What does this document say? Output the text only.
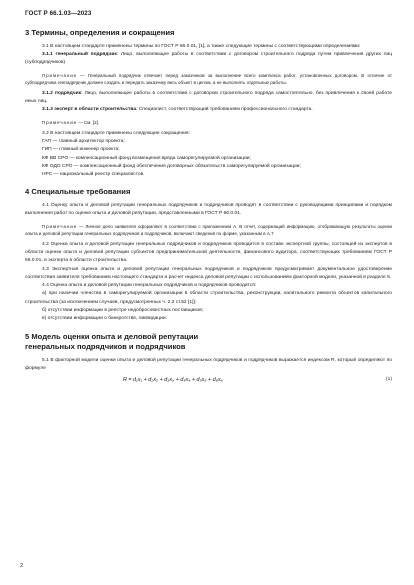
ГОСТ Р 66.1.03—2023
3 Термины, определения и сокращения

3.1 В настоящем стандарте применены термины по ГОСТ Р 66.0.01, [1], а также следующие термины с соответствующими определениями:

3.1.1 генеральный подрядчик: Лицо, выполняющее работы в соответствии с договором строительного подряда путем привлечения других лиц (субподрядчиков).

Примечание — Генеральный подрядчик отвечает перед заказчиком за выполнение всего комплекса работ, установленных договором. В отличие от субподрядчика генподрядчик должен создать и передать заказчику весь объект в целом, а не выполнять отдельные работы.

3.1.2 подрядчик: Лицо, выполняющее работы в соответствии с договором строительного подряда самостоятельно, без привлечения к своей работе иных лиц.

3.1.3 эксперт в области строительства: Специалист, соответствующий требованиям профессионального стандарта.

Примечание — См. [2].

3.2 В настоящем стандарте применены следующие сокращения:

ГАП — главный архитектор проекта;

ГИП — главный инженер проекта;

КФ ВВ СРО — компенсационный фонд возмещения вреда саморегулируемой организации;

КФ ОДО СРО — компенсационный фонд обеспечения договорных обязательств саморегулируемой организации;

НРС — национальный реестр специалистов.

4 Специальные требования

4.1 Оценку опыта и деловой репутации генеральных подрядчиков и подрядчиков проводят в соответствии с руководящими принципами и порядком выполнения работ по оценке опыта и деловой репутации, представленными в ГОСТ Р 66.0.01.

Примечание — Личное дело заявителя оформляют в соответствии с приложением А. В отчет, содержащий информацию, отображающую результаты оценки опыта и деловой репутации генеральных подрядчиков и подрядчиков, включают сведения по форме, указанным в А.7

4.2 Оценка опыта и деловой репутации генеральных подрядчиков и подрядчиков проводится в составе экспертной группы, состоящей из экспертов в области оценки опыта и деловой репутации субъектов предпринимательской деятельности, финансового аудитора, соответствующих требованиям ГОСТ Р 66.0.01, и эксперта в области строительства.

4.3 Экспертная оценка опыта и деловой репутации генеральных подрядчиков и подрядчиков предусматривает документальное удостоверение соответствия заявителя требованиям настоящего стандарта и расчет индекса деловой репутации с использованием факторной модели, указанной в разделе 5.

4.4 Оценка опыта и деловой репутации генеральных подрядчиков и подрядчиков проводится:

а) при наличии членства в саморегулируемой организации в области строительства, реконструкции, капитального ремонта объектов капитального строительства (за исключением случаев, предусмотренных ч. 2.2 ст.52 [1]);

б) отсутствии информации в реестре недобросовестных поставщиков;

в) отсутствии информации о банкротстве, ликвидации.

5 Модель оценки опыта и деловой репутации
генеральных подрядчиков и подрядчиков

5.1 В факторной модели оценки опыта и деловой репутации генеральных подрядчиков и подрядчиков выражается индексом R, который определяют по формуле

R = d₁x₁ + d₂x₂ + d₃x₃ + d₄x₄ + d₅x₅ + d₆x₆	(1)
2
